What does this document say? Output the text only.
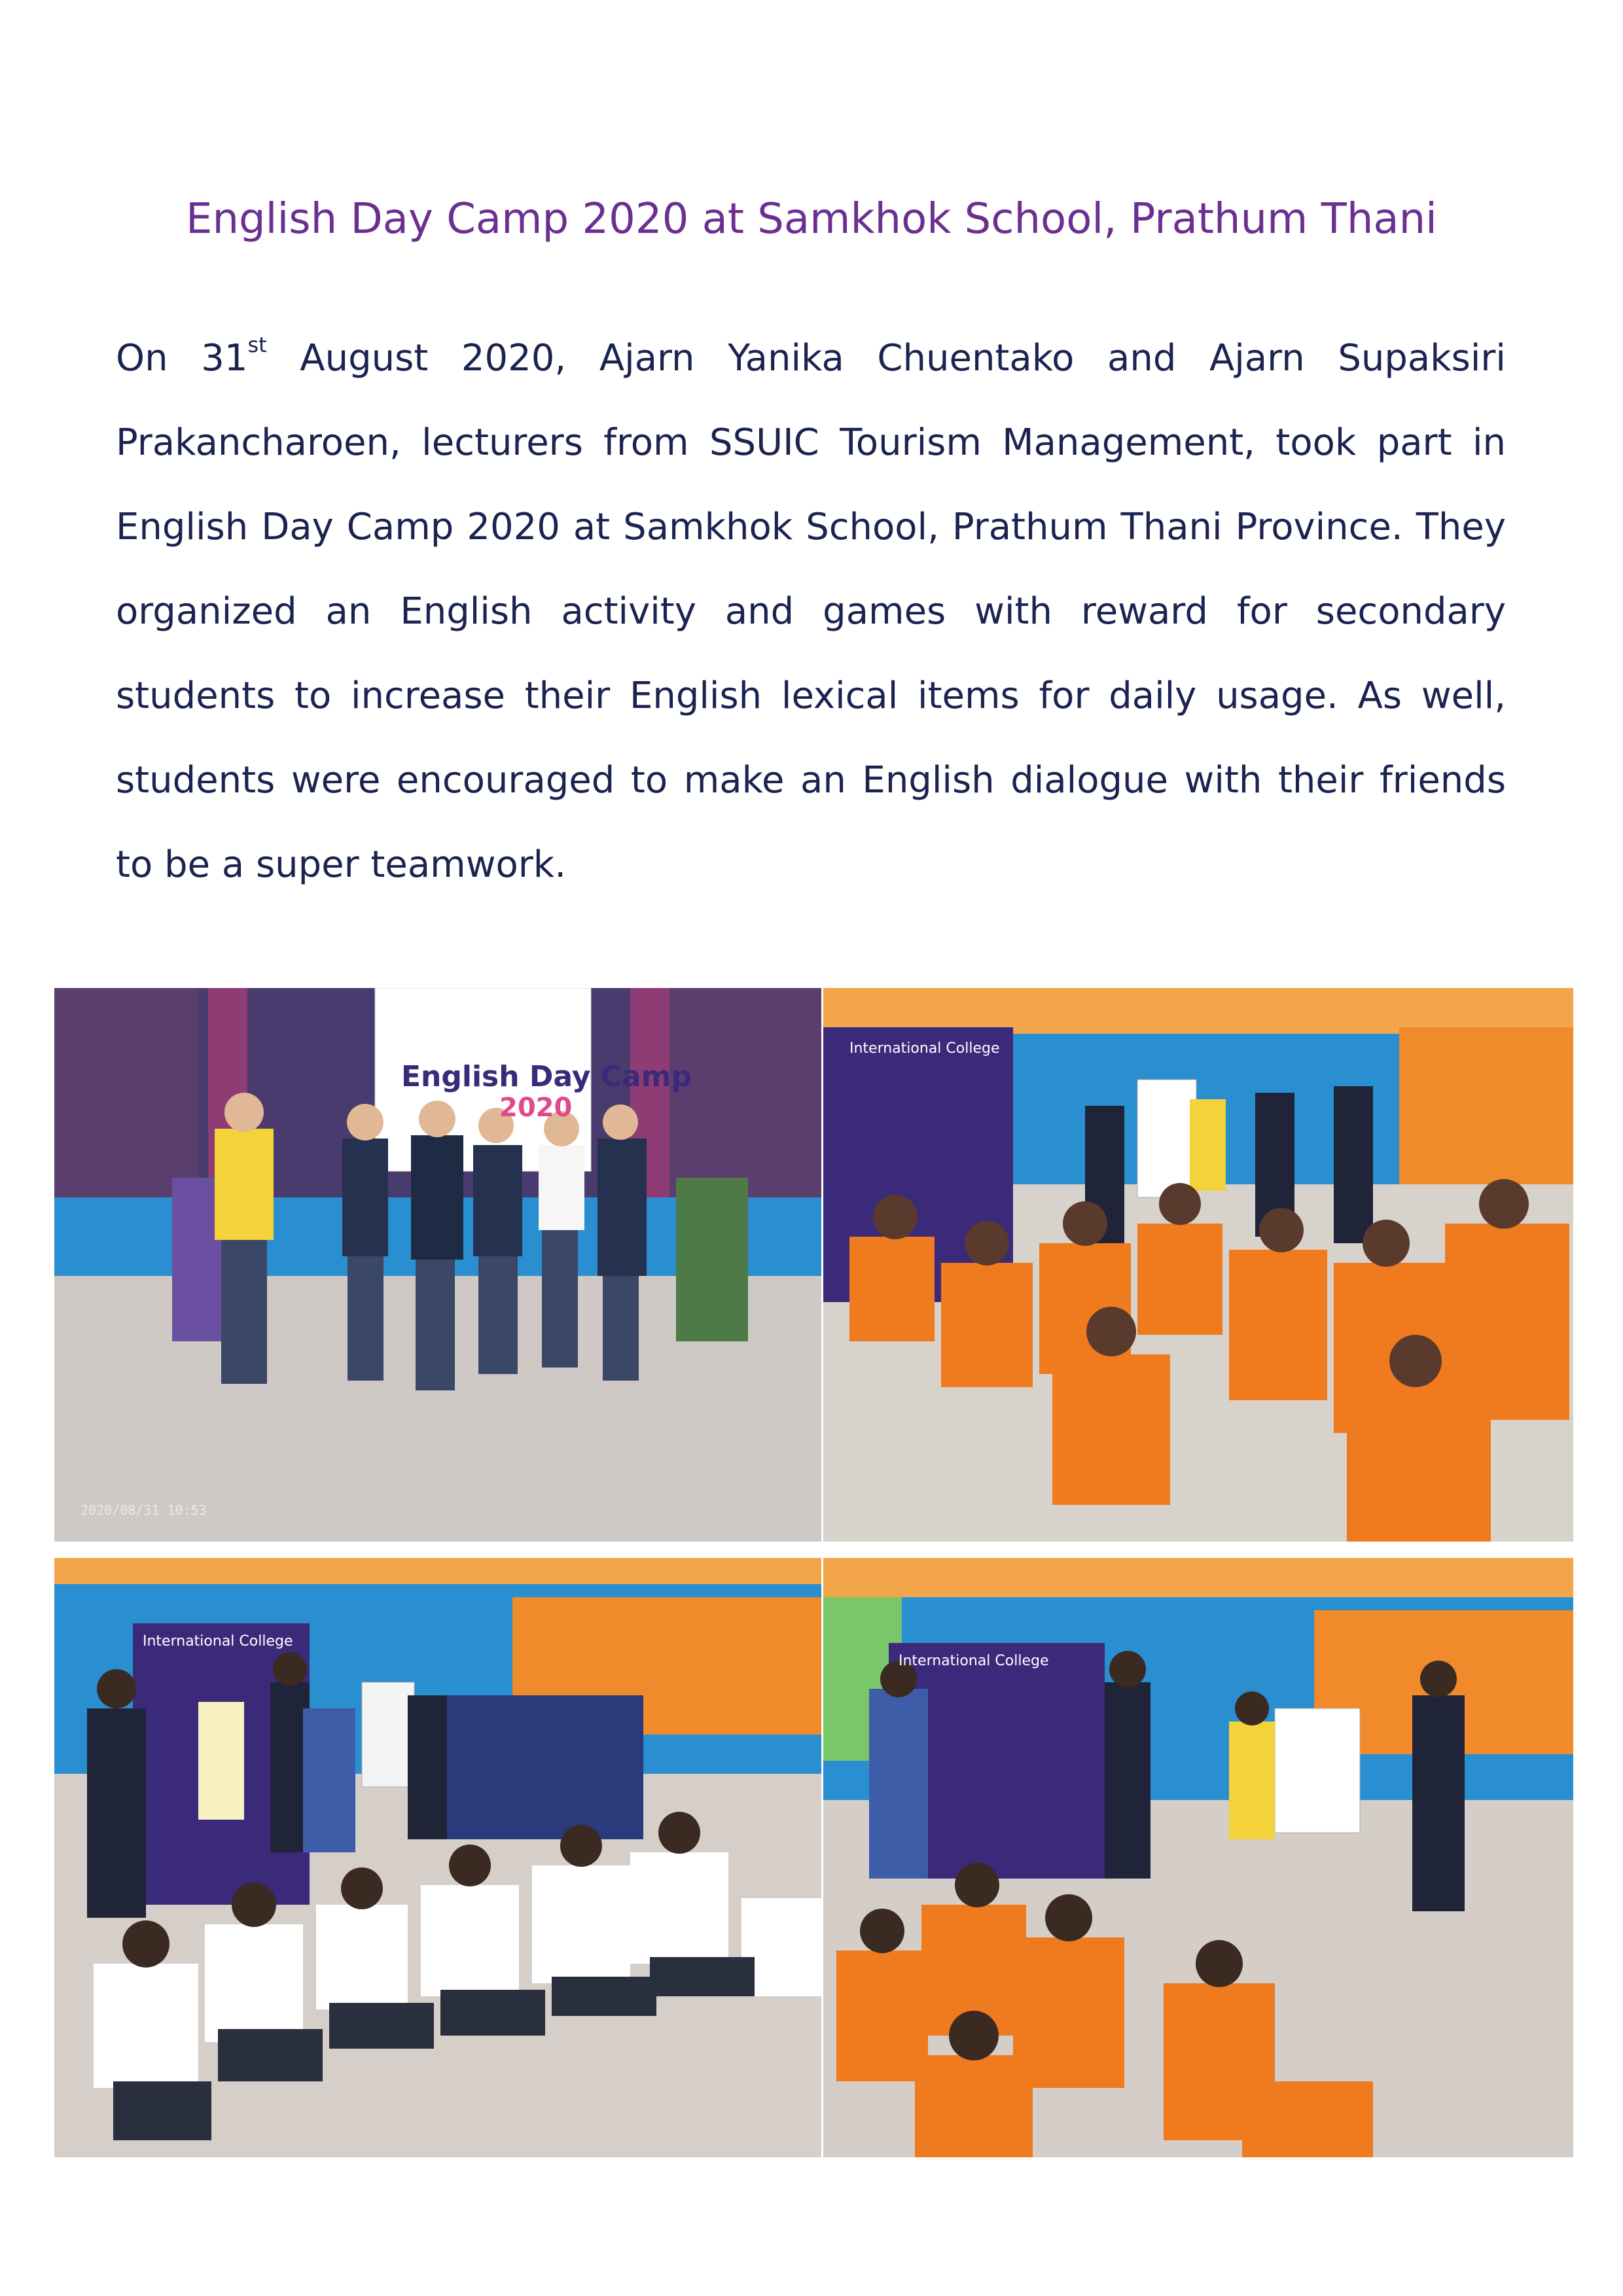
English Day Camp 2020 at Samkhok School, Prathum Thani

On 31st August 2020, Ajarn Yanika Chuentako and Ajarn Supaksiri Prakancharoen, lecturers from SSUIC Tourism Management, took part in English Day Camp 2020 at Samkhok School, Prathum Thani Province. They organized an English activity and games with reward for secondary students to increase their English lexical items for daily usage. As well, students were encouraged to make an English dialogue with their friends to be a super teamwork.

English Day Camp
2020
2020/08/31 10:53
International College
International College
International College
